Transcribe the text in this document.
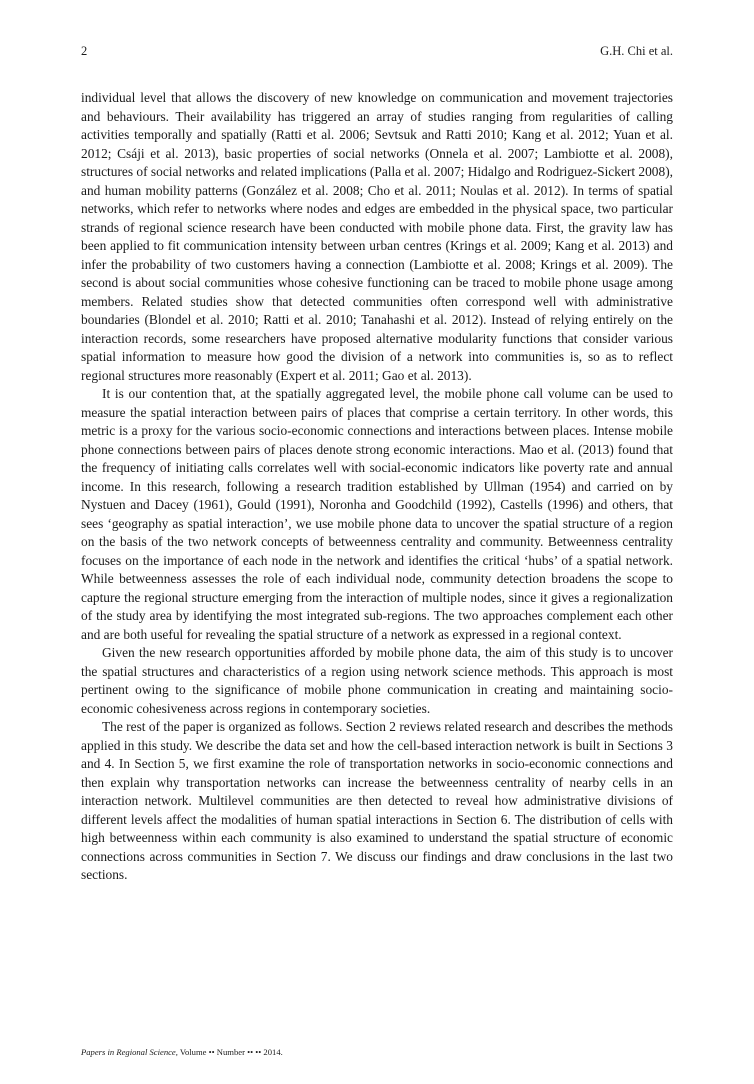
2	G.H. Chi et al.

individual level that allows the discovery of new knowledge on communication and movement trajectories and behaviours. Their availability has triggered an array of studies ranging from regularities of calling activities temporally and spatially (Ratti et al. 2006; Sevtsuk and Ratti 2010; Kang et al. 2012; Yuan et al. 2012; Csáji et al. 2013), basic properties of social networks (Onnela et al. 2007; Lambiotte et al. 2008), structures of social networks and related implications (Palla et al. 2007; Hidalgo and Rodriguez-Sickert 2008), and human mobility patterns (González et al. 2008; Cho et al. 2011; Noulas et al. 2012). In terms of spatial networks, which refer to networks where nodes and edges are embedded in the physical space, two particular strands of regional science research have been conducted with mobile phone data. First, the gravity law has been applied to fit communication intensity between urban centres (Krings et al. 2009; Kang et al. 2013) and infer the probability of two customers having a connection (Lambiotte et al. 2008; Krings et al. 2009). The second is about social communities whose cohesive functioning can be traced to mobile phone usage among members. Related studies show that detected communities often correspond well with administrative boundaries (Blondel et al. 2010; Ratti et al. 2010; Tanahashi et al. 2012). Instead of relying entirely on the interaction records, some researchers have proposed alternative modularity functions that consider various spatial information to measure how good the division of a network into communities is, so as to reflect regional structures more reasonably (Expert et al. 2011; Gao et al. 2013).

It is our contention that, at the spatially aggregated level, the mobile phone call volume can be used to measure the spatial interaction between pairs of places that comprise a certain territory. In other words, this metric is a proxy for the various socio-economic connections and interactions between places. Intense mobile phone connections between pairs of places denote strong economic interactions. Mao et al. (2013) found that the frequency of initiating calls correlates well with social-economic indicators like poverty rate and annual income. In this research, following a research tradition established by Ullman (1954) and carried on by Nystuen and Dacey (1961), Gould (1991), Noronha and Goodchild (1992), Castells (1996) and others, that sees ‘geography as spatial interaction’, we use mobile phone data to uncover the spatial structure of a region on the basis of the two network concepts of betweenness centrality and community. Betweenness centrality focuses on the importance of each node in the network and identifies the critical ‘hubs’ of a spatial network. While betweenness assesses the role of each individual node, community detection broadens the scope to capture the regional structure emerging from the interaction of multiple nodes, since it gives a regionalization of the study area by identifying the most integrated sub-regions. The two approaches complement each other and are both useful for revealing the spatial structure of a network as expressed in a regional context.

Given the new research opportunities afforded by mobile phone data, the aim of this study is to uncover the spatial structures and characteristics of a region using network science methods. This approach is most pertinent owing to the significance of mobile phone communication in creating and maintaining socio-economic cohesiveness across regions in contemporary societies.

The rest of the paper is organized as follows. Section 2 reviews related research and describes the methods applied in this study. We describe the data set and how the cell-based interaction network is built in Sections 3 and 4. In Section 5, we first examine the role of transportation networks in socio-economic connections and then explain why transportation networks can increase the betweenness centrality of nearby cells in an interaction network. Multilevel communities are then detected to reveal how administrative divisions of different levels affect the modalities of human spatial interactions in Section 6. The distribution of cells with high betweenness within each community is also examined to understand the spatial structure of economic connections across communities in Section 7. We discuss our findings and draw conclusions in the last two sections.

Papers in Regional Science, Volume •• Number •• •• 2014.
